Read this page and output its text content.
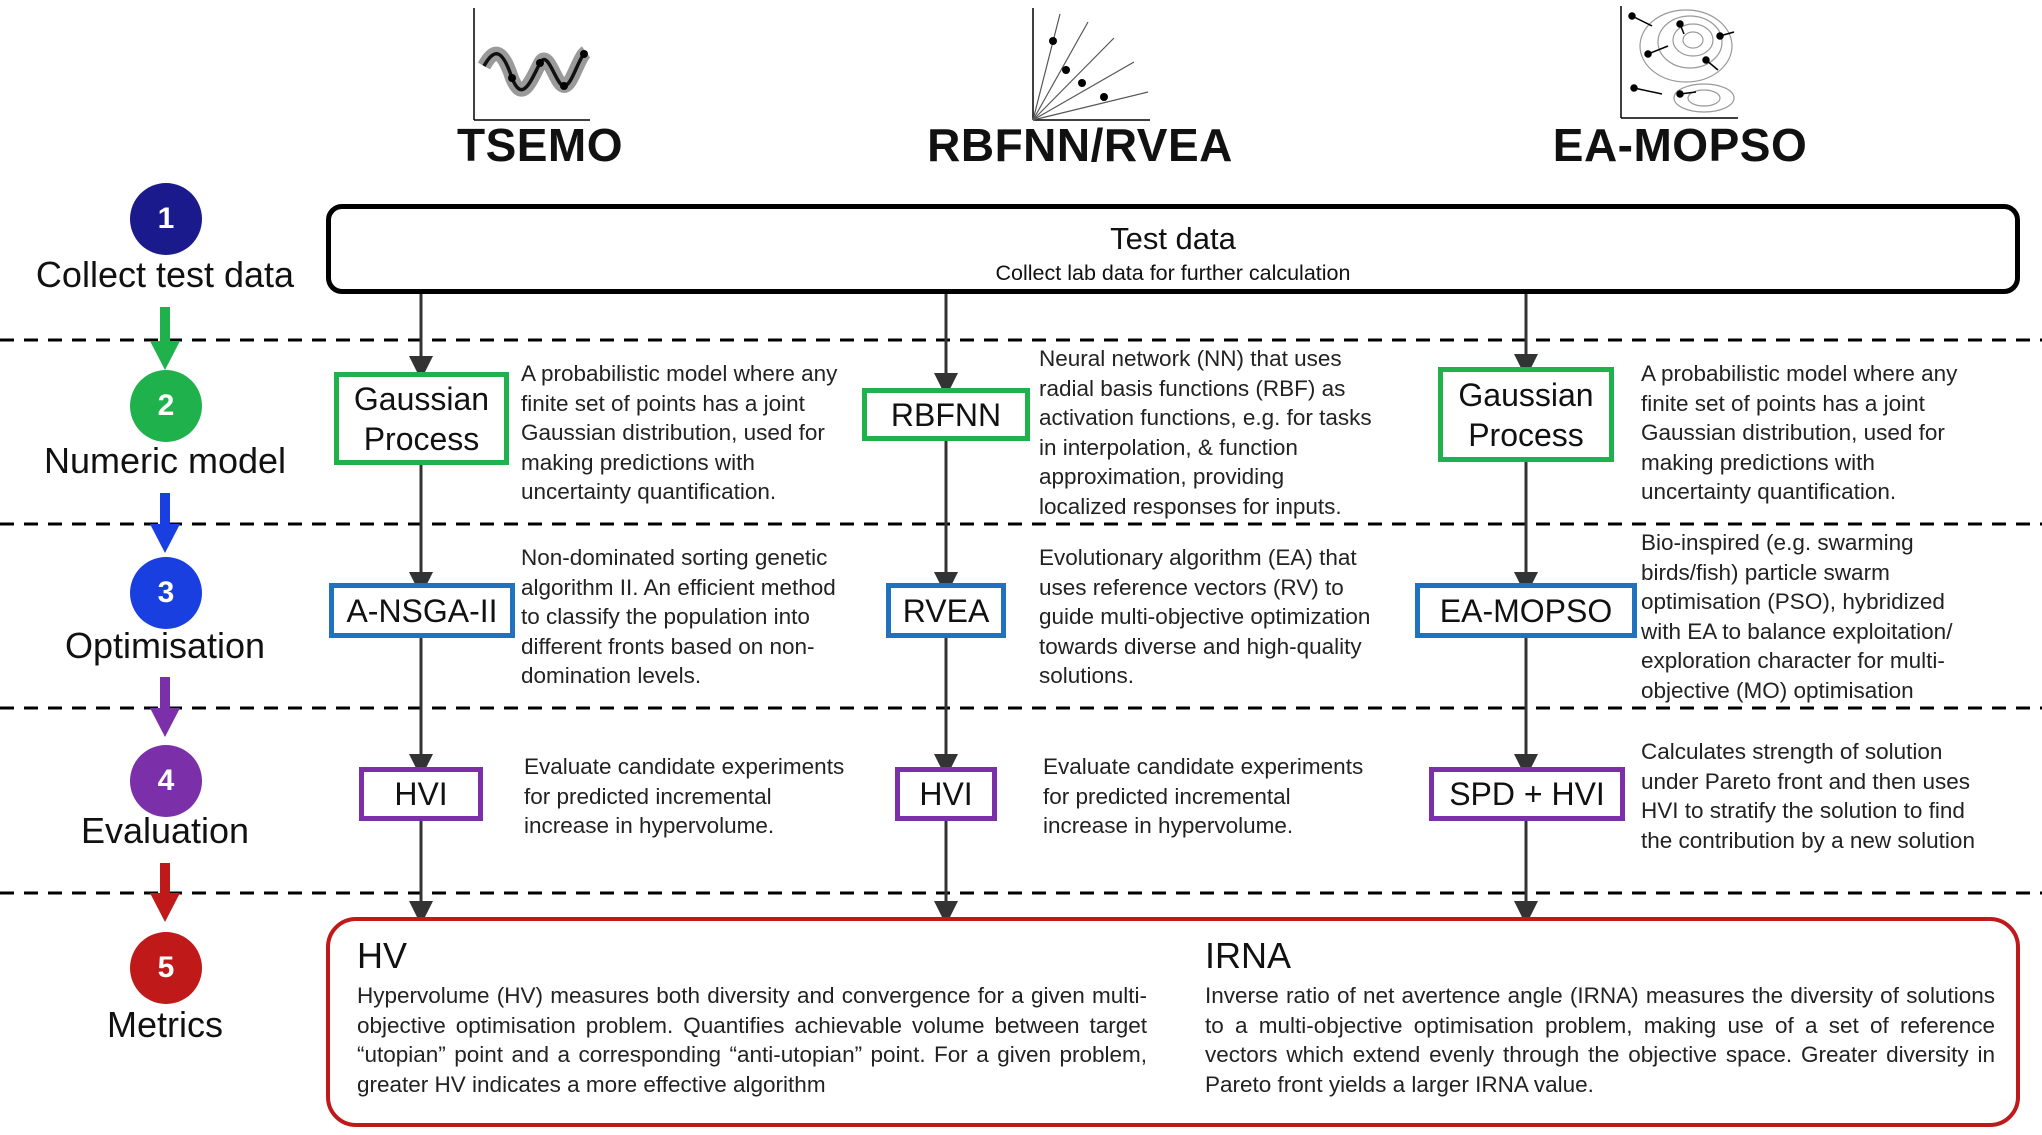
TSEMO	RBFNN/RVEA	EA-MOPSO
1
Collect test data
2
Numeric model
3
Optimisation
4
Evaluation
5
Metrics
Test data
Collect lab data for further calculation
Gaussian
Process
A probabilistic model where any
finite set of points has a joint
Gaussian distribution, used for
making predictions with
uncertainty quantification.
RBFNN
Neural network (NN) that uses
radial basis functions (RBF) as
activation functions, e.g. for tasks
in interpolation, & function
approximation, providing
localized responses for inputs.
Gaussian
Process
A probabilistic model where any
finite set of points has a joint
Gaussian distribution, used for
making predictions with
uncertainty quantification.
A-NSGA-II
Non-dominated sorting genetic
algorithm II. An efficient method
to classify the population into
different fronts based on non-
domination levels.
RVEA
Evolutionary algorithm (EA) that
uses reference vectors (RV) to
guide multi-objective optimization
towards diverse and high-quality
solutions.
EA-MOPSO
Bio-inspired (e.g. swarming
birds/fish) particle swarm
optimisation (PSO), hybridized
with EA to balance exploitation/
exploration character for multi-
objective (MO) optimisation
HVI
Evaluate candidate experiments
for predicted incremental
increase in hypervolume.
HVI
Evaluate candidate experiments
for predicted incremental
increase in hypervolume.
SPD + HVI
Calculates strength of solution
under Pareto front and then uses
HVI to stratify the solution to find
the contribution by a new solution
HV
Hypervolume (HV) measures both diversity and convergence for a given multi-objective optimisation problem. Quantifies achievable volume between target “utopian” point and a corresponding “anti-utopian” point. For a given problem, greater HV indicates a more effective algorithm
IRNA
Inverse ratio of net avertence angle (IRNA) measures the diversity of solutions to a multi-objective optimisation problem, making use of a set of reference vectors which extend evenly through the objective space. Greater diversity in Pareto front yields a larger IRNA value.
